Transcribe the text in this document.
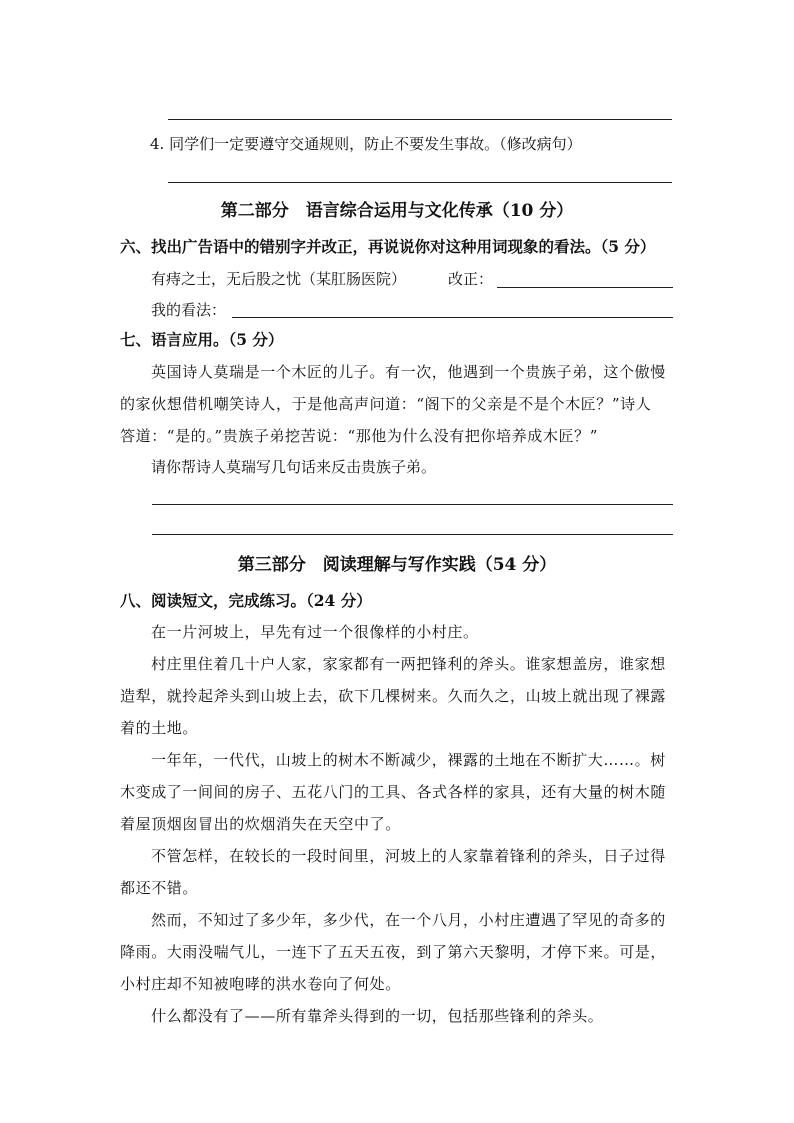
4. 同学们一定要遵守交通规则，防止不要发生事故。（修改病句）
第二部分　语言综合运用与文化传承（10 分）
六、找出广告语中的错别字并改正，再说说你对这种用词现象的看法。（5 分）
有痔之士，无后股之忧（某肛肠医院）	改正：
我的看法：
七、语言应用。（5 分）
英国诗人莫瑞是一个木匠的儿子。有一次，他遇到一个贵族子弟，这个傲慢
的家伙想借机嘲笑诗人，于是他高声问道：“阁下的父亲是不是个木匠？”诗人
答道：“是的。”贵族子弟挖苦说：“那他为什么没有把你培养成木匠？”
请你帮诗人莫瑞写几句话来反击贵族子弟。
第三部分　阅读理解与写作实践（54 分）
八、阅读短文，完成练习。（24 分）
在一片河坡上，早先有过一个很像样的小村庄。
村庄里住着几十户人家，家家都有一两把锋利的斧头。谁家想盖房，谁家想
造犁，就拎起斧头到山坡上去，砍下几棵树来。久而久之，山坡上就出现了裸露
着的土地。
一年年，一代代，山坡上的树木不断减少，裸露的土地在不断扩大……。树
木变成了一间间的房子、五花八门的工具、各式各样的家具，还有大量的树木随
着屋顶烟囱冒出的炊烟消失在天空中了。
不管怎样，在较长的一段时间里，河坡上的人家靠着锋利的斧头，日子过得
都还不错。
然而，不知过了多少年，多少代，在一个八月，小村庄遭遇了罕见的奇多的
降雨。大雨没喘气儿，一连下了五天五夜，到了第六天黎明，才停下来。可是，
小村庄却不知被咆哮的洪水卷向了何处。
什么都没有了——所有靠斧头得到的一切，包括那些锋利的斧头。
